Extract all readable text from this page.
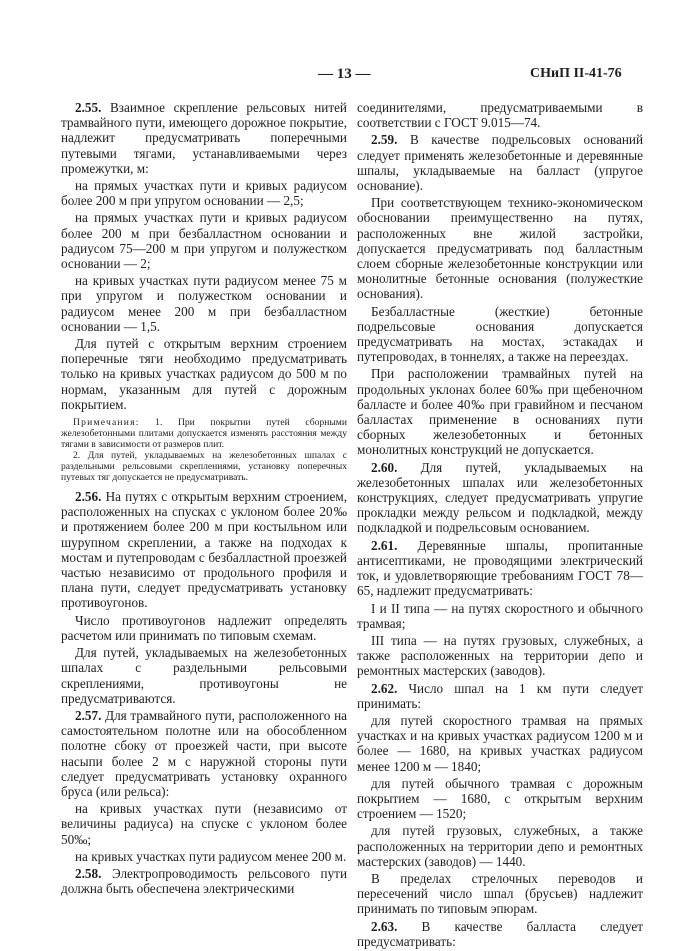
— 13 —	СНиП II-41-76

2.55. Взаимное скрепление рельсовых нитей трамвайного пути, имеющего дорожное покрытие, надлежит предусматривать поперечными путевыми тягами, устанавливаемыми через промежутки, м:

на прямых участках пути и кривых радиусом более 200 м при упругом основании — 2,5;

на прямых участках пути и кривых радиусом более 200 м при безбалластном основании и радиусом 75—200 м при упругом и полужестком основании — 2;

на кривых участках пути радиусом менее 75 м при упругом и полужестком основании и радиусом менее 200 м при безбалластном основании — 1,5.

Для путей с открытым верхним строением поперечные тяги необходимо предусматривать только на кривых участках радиусом до 500 м по нормам, указанным для путей с дорожным покрытием.

Примечания: 1. При покрытии путей сборными железобетонными плитами допускается изменять расстояния между тягами в зависимости от размеров плит.

2. Для путей, укладываемых на железобетонных шпалах с раздельными рельсовыми скреплениями, установку поперечных путевых тяг допускается не предусматривать.

2.56. На путях с открытым верхним строением, расположенных на спусках с уклоном более 20‰ и протяжением более 200 м при костыльном или шурупном скреплении, а также на подходах к мостам и путепроводам с безбалластной проезжей частью независимо от продольного профиля и плана пути, следует предусматривать установку противоугонов.

Число противоугонов надлежит определять расчетом или принимать по типовым схемам.

Для путей, укладываемых на железобетонных шпалах с раздельными рельсовыми скреплениями, противоугоны не предусматриваются.

2.57. Для трамвайного пути, расположенного на самостоятельном полотне или на обособленном полотне сбоку от проезжей части, при высоте насыпи более 2 м с наружной стороны пути следует предусматривать установку охранного бруса (или рельса):

на кривых участках пути (независимо от величины радиуса) на спуске с уклоном более 50‰;

на кривых участках пути радиусом менее 200 м.

2.58. Электропроводимость рельсового пути должна быть обеспечена электрическими

соединителями, предусматриваемыми в соответствии с ГОСТ 9.015—74.

2.59. В качестве подрельсовых оснований следует применять железобетонные и деревянные шпалы, укладываемые на балласт (упругое основание).

При соответствующем технико-экономическом обосновании преимущественно на путях, расположенных вне жилой застройки, допускается предусматривать под балластным слоем сборные железобетонные конструкции или монолитные бетонные основания (полужесткие основания).

Безбалластные (жесткие) бетонные подрельсовые основания допускается предусматривать на мостах, эстакадах и путепроводах, в тоннелях, а также на переездах.

При расположении трамвайных путей на продольных уклонах более 60‰ при щебеночном балласте и более 40‰ при гравийном и песчаном балластах применение в основаниях пути сборных железобетонных и бетонных монолитных конструкций не допускается.

2.60. Для путей, укладываемых на железобетонных шпалах или железобетонных конструкциях, следует предусматривать упругие прокладки между рельсом и подкладкой, между подкладкой и подрельсовым основанием.

2.61. Деревянные шпалы, пропитанные антисептиками, не проводящими электрический ток, и удовлетворяющие требованиям ГОСТ 78—65, надлежит предусматривать:

I и II типа — на путях скоростного и обычного трамвая;

III типа — на путях грузовых, служебных, а также расположенных на территории депо и ремонтных мастерских (заводов).

2.62. Число шпал на 1 км пути следует принимать:

для путей скоростного трамвая на прямых участках и на кривых участках радиусом 1200 м и более — 1680, на кривых участках радиусом менее 1200 м — 1840;

для путей обычного трамвая с дорожным покрытием — 1680, с открытым верхним строением — 1520;

для путей грузовых, служебных, а также расположенных на территории депо и ремонтных мастерских (заводов) — 1440.

В пределах стрелочных переводов и пересечений число шпал (брусьев) надлежит принимать по типовым эпюрам.

2.63. В качестве балласта следует предусматривать:
